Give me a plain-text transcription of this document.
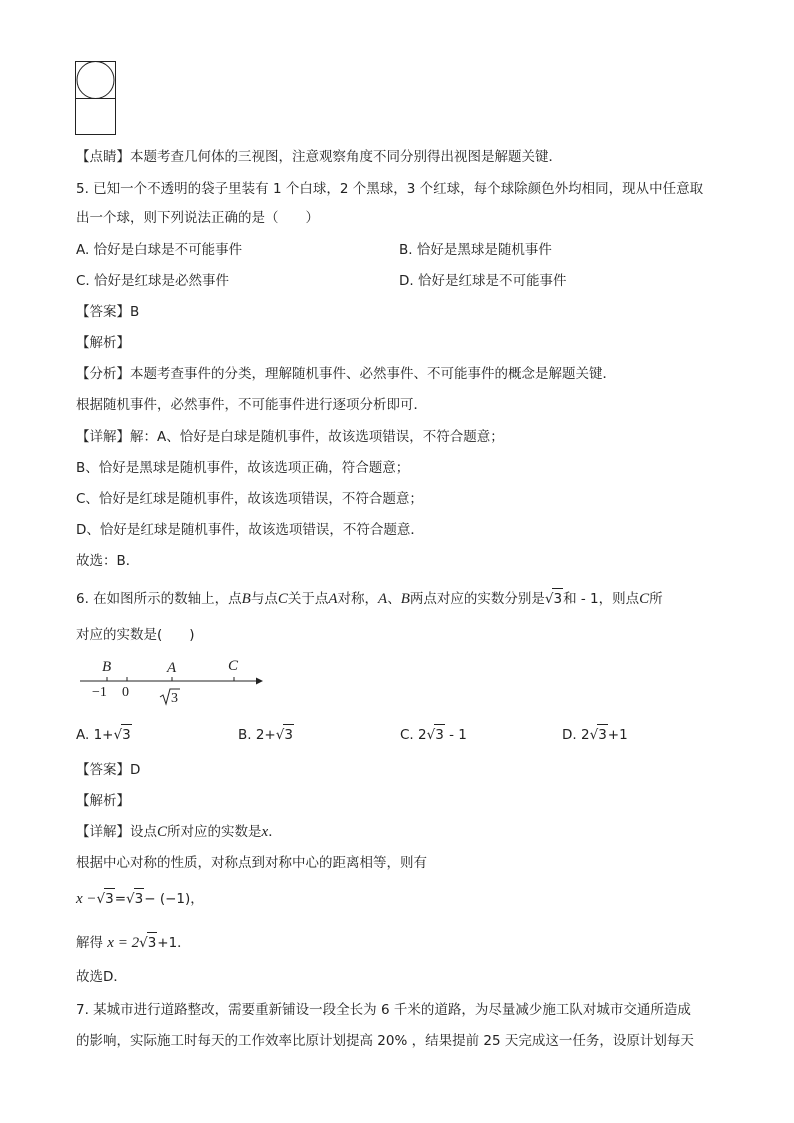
【点睛】本题考查几何体的三视图，注意观察角度不同分别得出视图是解题关键．
5. 已知一个不透明的袋子里装有 1 个白球，2 个黑球，3 个红球，每个球除颜色外均相同，现从中任意取
出一个球，则下列说法正确的是（　　）
A. 恰好是白球是不可能事件	B. 恰好是黑球是随机事件
C. 恰好是红球是必然事件	D. 恰好是红球是不可能事件
【答案】B
【解析】
【分析】本题考查事件的分类，理解随机事件、必然事件、不可能事件的概念是解题关键．
根据随机事件，必然事件，不可能事件进行逐项分析即可．
【详解】解：A、恰好是白球是随机事件，故该选项错误，不符合题意；
B、恰好是黑球是随机事件，故该选项正确，符合题意；
C、恰好是红球是随机事件，故该选项错误，不符合题意；
D、恰好是红球是随机事件，故该选项错误，不符合题意．
故选：B．
6. 在如图所示的数轴上，点B与点C关于点A对称，A、B两点对应的实数分别是√3和 - 1，则点C所
对应的实数是(　　)
B	A	C
−1 0	3
A. 1+√3	B. 2+√3	C. 2√3 - 1	D. 2√3+1
【答案】D
【解析】
【详解】设点C所对应的实数是x．
根据中心对称的性质，对称点到对称中心的距离相等，则有
x −√3=√3− (−1)，
解得 x = 2√3+1．
故选D．
7. 某城市进行道路整改，需要重新铺设一段全长为 6 千米的道路，为尽量减少施工队对城市交通所造成
的影响，实际施工时每天的工作效率比原计划提高 20% ，结果提前 25 天完成这一任务，设原计划每天
